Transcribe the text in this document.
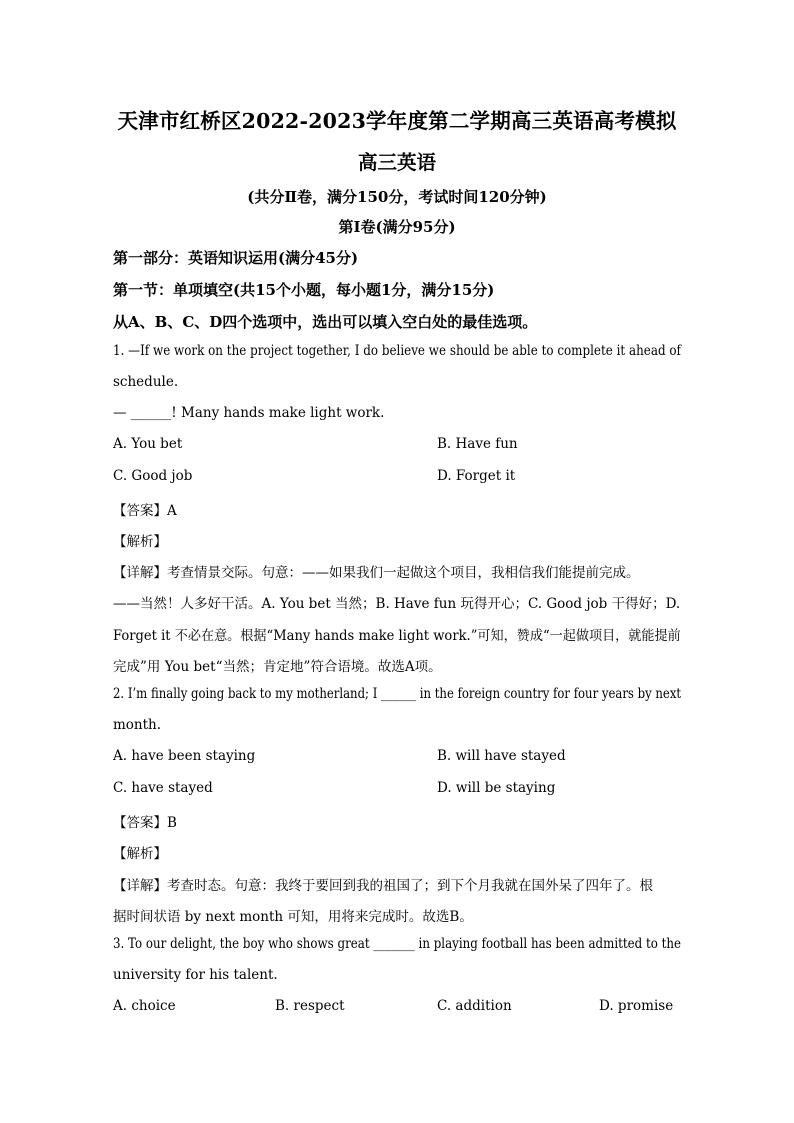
天津市红桥区2022-2023学年度第二学期高三英语高考模拟
高三英语
(共分Ⅱ卷，满分150分，考试时间120分钟)
第Ⅰ卷(满分95分)
第一部分：英语知识运用(满分45分)
第一节：单项填空(共15个小题，每小题1分，满分15分)
从A、B、C、D四个选项中，选出可以填入空白处的最佳选项。
1. —If we work on the project together, I do believe we should be able to complete it ahead of
schedule.
— ______! Many hands make light work.
A. You bet	B. Have fun
C. Good job	D. Forget it
【答案】A
【解析】
【详解】考查情景交际。句意：——如果我们一起做这个项目，我相信我们能提前完成。
——当然！人多好干活。A. You bet 当然；B. Have fun 玩得开心；C. Good job 干得好；D.
Forget it 不必在意。根据“Many hands make light work.”可知，赞成“一起做项目，就能提前
完成”用 You bet“当然；肯定地”符合语境。故选A项。
2. I’m finally going back to my motherland; I ______ in the foreign country for four years by next
month.
A. have been staying	B. will have stayed
C. have stayed	D. will be staying
【答案】B
【解析】
【详解】考查时态。句意：我终于要回到我的祖国了；到下个月我就在国外呆了四年了。根
据时间状语 by next month 可知，用将来完成时。故选B。
3. To our delight, the boy who shows great _______ in playing football has been admitted to the
university for his talent.
A. choice	B. respect	C. addition	D. promise
